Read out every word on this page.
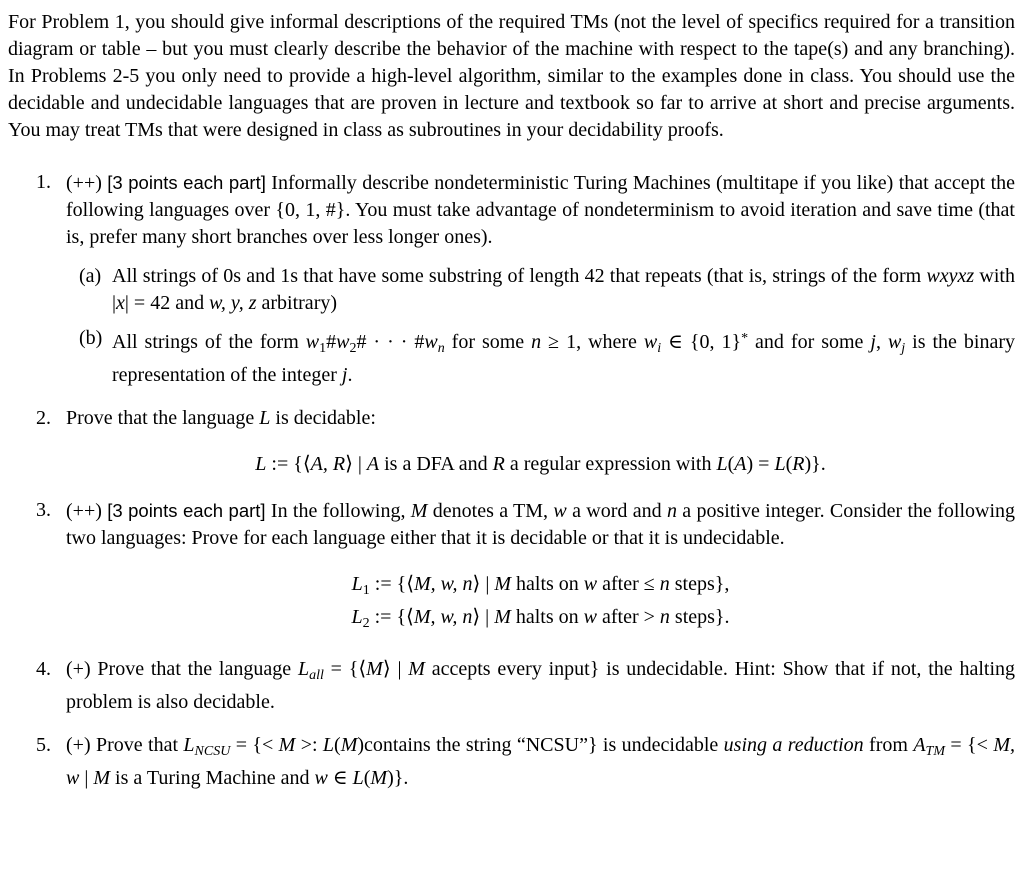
For Problem 1, you should give informal descriptions of the required TMs (not the level of specifics required for a transition diagram or table – but you must clearly describe the behavior of the machine with respect to the tape(s) and any branching). In Problems 2-5 you only need to provide a high-level algorithm, similar to the examples done in class. You should use the decidable and undecidable languages that are proven in lecture and textbook so far to arrive at short and precise arguments. You may treat TMs that were designed in class as subroutines in your decidability proofs.

1. (++) [3 points each part] Informally describe nondeterministic Turing Machines (multitape if you like) that accept the following languages over {0, 1, #}. You must take advantage of nondeterminism to avoid iteration and save time (that is, prefer many short branches over less longer ones).

(a) All strings of 0s and 1s that have some substring of length 42 that repeats (that is, strings of the form wxyxz with |x| = 42 and w, y, z arbitrary)

(b) All strings of the form $w_1\#w_2\#$ · · · $\#w_n$ for some n ≥ 1, where $w_i$ ∈ {0, 1}* and for some j, $w_j$ is the binary representation of the integer j.

2. Prove that the language L is decidable:

L := {⟨A, R⟩ | A is a DFA and R a regular expression with L(A) = L(R)}.
3. (++) [3 points each part] In the following, M denotes a TM, w a word and n a positive integer. Consider the following two languages: Prove for each language either that it is decidable or that it is undecidable.

$L_1$ := {⟨M, w, n⟩ | M halts on w after ≤ n steps},
$L_2$ := {⟨M, w, n⟩ | M halts on w after > n steps}.
4. (+) Prove that the language $L_{all}$ = {⟨M⟩ | M accepts every input} is undecidable. Hint: Show that if not, the halting problem is also decidable.

5. (+) Prove that $L_{NCSU}$ = {< M >: L(M)contains the string “NCSU”} is undecidable using a reduction from $A_{TM}$ = {< M, w | M is a Turing Machine and w ∈ L(M)}.
